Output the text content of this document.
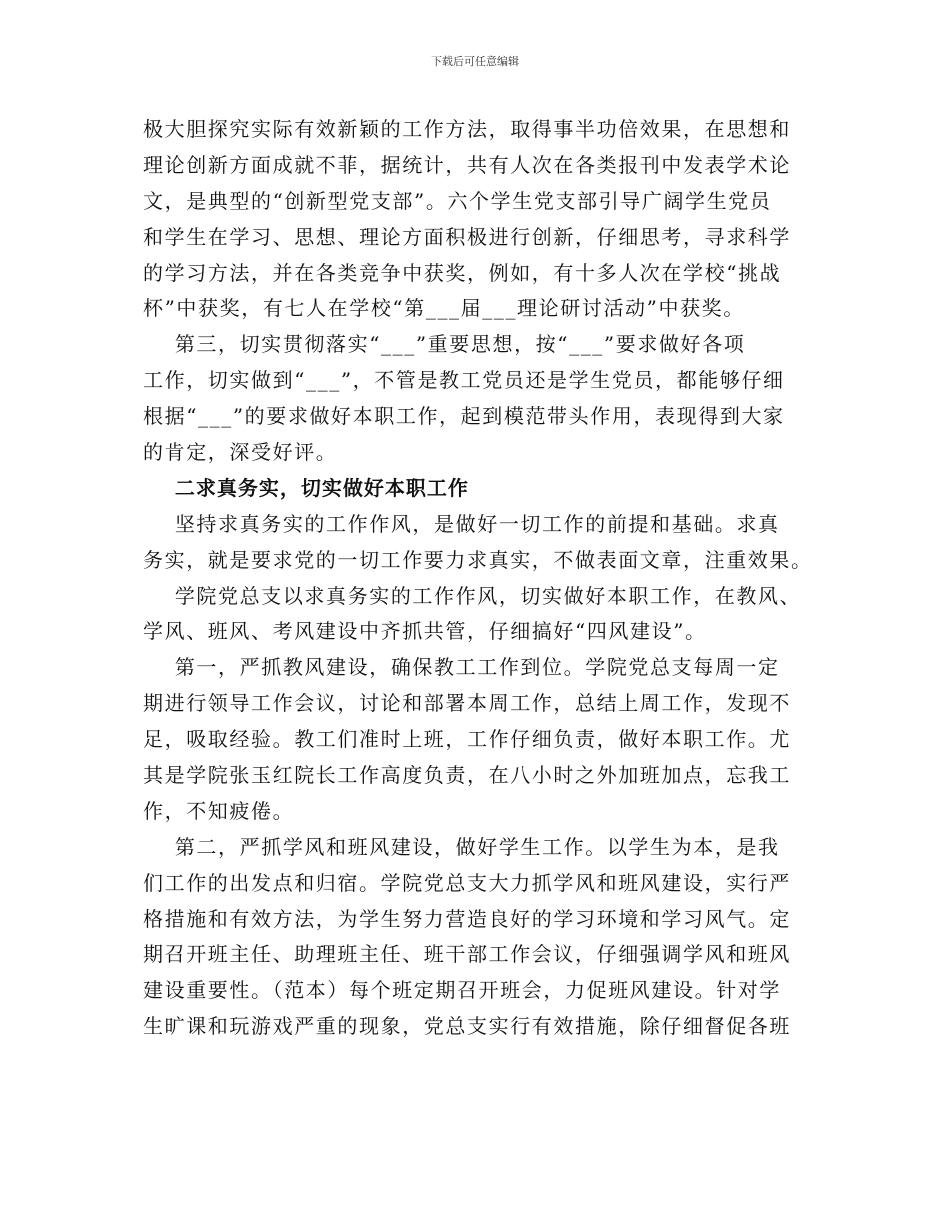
下载后可任意编辑
极大胆探究实际有效新颖的工作方法，取得事半功倍效果，在思想和
理论创新方面成就不菲，据统计，共有人次在各类报刊中发表学术论
文，是典型的“创新型党支部”。六个学生党支部引导广阔学生党员
和学生在学习、思想、理论方面积极进行创新，仔细思考，寻求科学
的学习方法，并在各类竞争中获奖，例如，有十多人次在学校“挑战
杯”中获奖，有七人在学校“第___届___理论研讨活动”中获奖。
第三，切实贯彻落实“___”重要思想，按“___”要求做好各项
工作，切实做到“___”，不管是教工党员还是学生党员，都能够仔细
根据“___”的要求做好本职工作，起到模范带头作用，表现得到大家
的肯定，深受好评。
二求真务实，切实做好本职工作
坚持求真务实的工作作风，是做好一切工作的前提和基础。求真
务实，就是要求党的一切工作要力求真实，不做表面文章，注重效果。
学院党总支以求真务实的工作作风，切实做好本职工作，在教风、
学风、班风、考风建设中齐抓共管，仔细搞好“四风建设”。
第一，严抓教风建设，确保教工工作到位。学院党总支每周一定
期进行领导工作会议，讨论和部署本周工作，总结上周工作，发现不
足，吸取经验。教工们准时上班，工作仔细负责，做好本职工作。尤
其是学院张玉红院长工作高度负责，在八小时之外加班加点，忘我工
作，不知疲倦。
第二，严抓学风和班风建设，做好学生工作。以学生为本，是我
们工作的出发点和归宿。学院党总支大力抓学风和班风建设，实行严
格措施和有效方法，为学生努力营造良好的学习环境和学习风气。定
期召开班主任、助理班主任、班干部工作会议，仔细强调学风和班风
建设重要性。（范本）每个班定期召开班会，力促班风建设。针对学
生旷课和玩游戏严重的现象，党总支实行有效措施，除仔细督促各班
